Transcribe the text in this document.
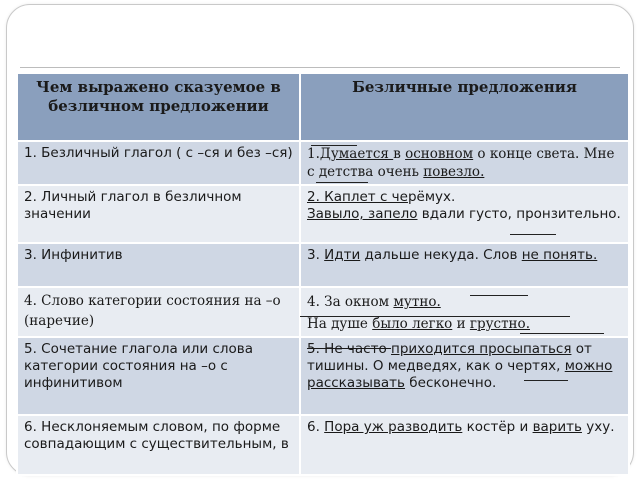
Чем выражено сказуемое в безличном предложении	Безличные предложения

1. Безличный глагол ( с –ся и без –ся)	1.Думается в основном о конце света. Мне с детства очень повезло.

2. Личный глагол в безличном значении	2. Каплет с черёмух.
Завыло, запело вдали густо, пронзительно.

3. Инфинитив	3. Идти дальше некуда. Слов не понять.

4. Слово категории состояния на –о (наречие)	4. За окном мутно.
На душе было легко и грустно.

5. Сочетание глагола или слова категории состояния на –о с инфинитивом	5. Не часто приходится просыпаться от тишины. О медведях, как о чертях, можно рассказывать бесконечно.

6. Несклоняемым словом, по форме совпадающим с существительным, в	6. Пора уж разводить костёр и варить уху.
